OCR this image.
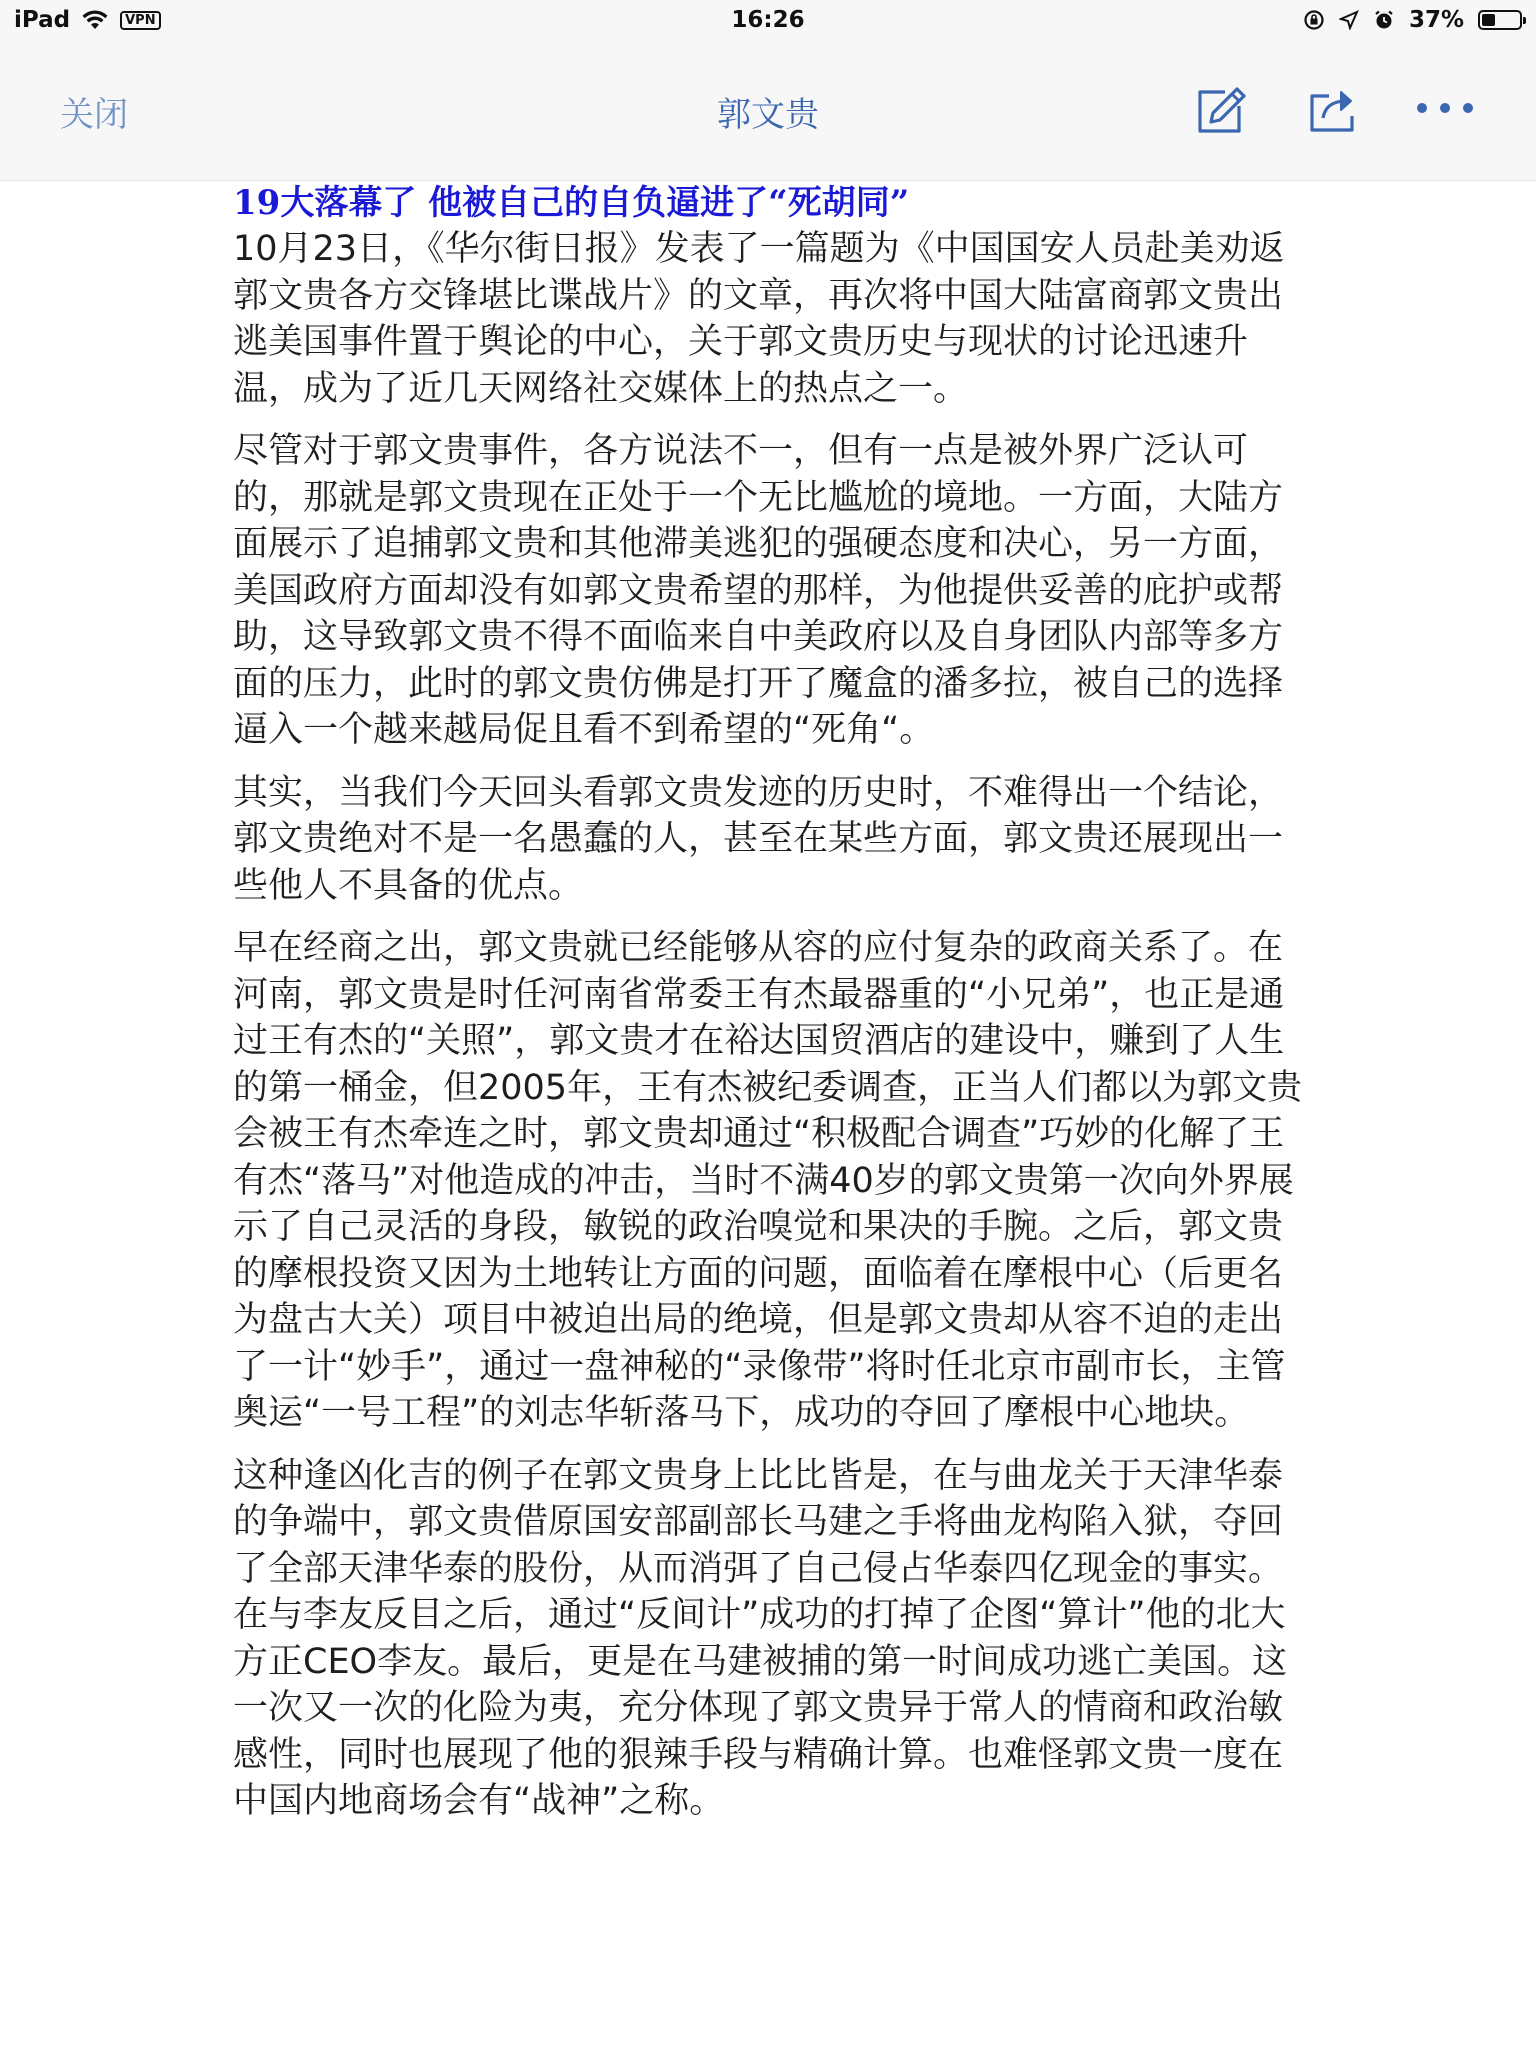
iPad	VPN	16:26	37%
关闭	郭文贵
19大落幕了 他被自己的自负逼进了“死胡同”

10月23日，《华尔街日报》发表了一篇题为《中国国安人员赴美劝返郭文贵各方交锋堪比谍战片》的文章，再次将中国大陆富商郭文贵出逃美国事件置于舆论的中心，关于郭文贵历史与现状的讨论迅速升温，成为了近几天网络社交媒体上的热点之一。

尽管对于郭文贵事件，各方说法不一，但有一点是被外界广泛认可的，那就是郭文贵现在正处于一个无比尴尬的境地。一方面，大陆方面展示了追捕郭文贵和其他滞美逃犯的强硬态度和决心，另一方面，美国政府方面却没有如郭文贵希望的那样，为他提供妥善的庇护或帮助，这导致郭文贵不得不面临来自中美政府以及自身团队内部等多方面的压力，此时的郭文贵仿佛是打开了魔盒的潘多拉，被自己的选择逼入一个越来越局促且看不到希望的“死角“。

其实，当我们今天回头看郭文贵发迹的历史时，不难得出一个结论，郭文贵绝对不是一名愚蠢的人，甚至在某些方面，郭文贵还展现出一些他人不具备的优点。

早在经商之出，郭文贵就已经能够从容的应付复杂的政商关系了。在河南，郭文贵是时任河南省常委王有杰最器重的“小兄弟”，也正是通过王有杰的“关照”，郭文贵才在裕达国贸酒店的建设中，赚到了人生的第一桶金，但2005年，王有杰被纪委调查，正当人们都以为郭文贵会被王有杰牵连之时，郭文贵却通过“积极配合调查”巧妙的化解了王有杰“落马”对他造成的冲击，当时不满40岁的郭文贵第一次向外界展示了自己灵活的身段，敏锐的政治嗅觉和果决的手腕。之后，郭文贵的摩根投资又因为土地转让方面的问题，面临着在摩根中心（后更名为盘古大关）项目中被迫出局的绝境，但是郭文贵却从容不迫的走出了一计“妙手”，通过一盘神秘的“录像带”将时任北京市副市长，主管奥运“一号工程”的刘志华斩落马下，成功的夺回了摩根中心地块。

这种逢凶化吉的例子在郭文贵身上比比皆是，在与曲龙关于天津华泰的争端中，郭文贵借原国安部副部长马建之手将曲龙构陷入狱，夺回了全部天津华泰的股份，从而消弭了自己侵占华泰四亿现金的事实。在与李友反目之后，通过“反间计”成功的打掉了企图“算计”他的北大方正CEO李友。最后，更是在马建被捕的第一时间成功逃亡美国。这一次又一次的化险为夷，充分体现了郭文贵异于常人的情商和政治敏感性，同时也展现了他的狠辣手段与精确计算。也难怪郭文贵一度在中国内地商场会有“战神”之称。
